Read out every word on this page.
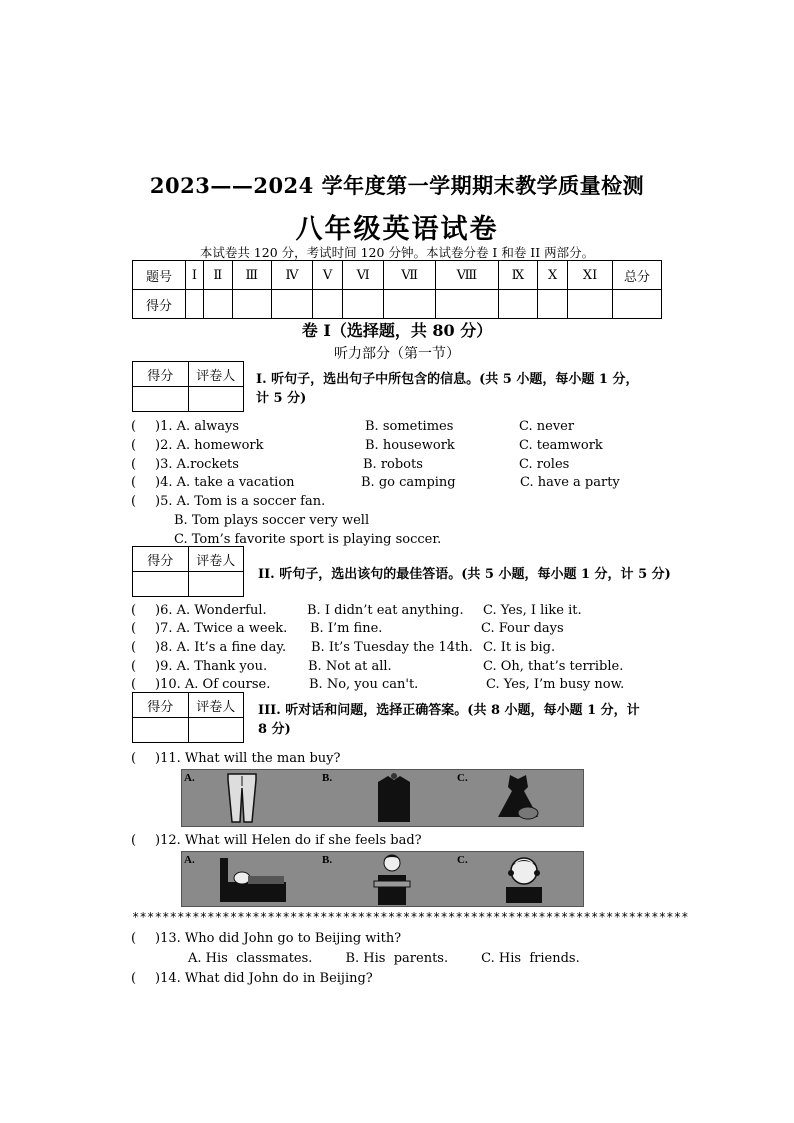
2023——2024 学年度第一学期期末教学质量检测
八年级英语试卷
本试卷共 120 分，考试时间 120 分钟。本试卷分卷 I 和卷 II 两部分。
题号	I	Ⅱ	Ⅲ	Ⅳ	Ⅴ	Ⅵ	Ⅶ	Ⅷ	Ⅸ	X	XI	总分
得分												
卷 I（选择题，共 80 分）
听力部分（第一节）
得分	评卷人
	I. 听句子，选出句子中所包含的信息。(共 5 小题，每小题 1 分，
计 5 分)
( )1. A. always	B. sometimes	C. never
( )2. A. homework	B. housework	C. teamwork
( )3. A.rockets	B. robots	C. roles
( )4. A. take a vacation	B. go camping	C. have a party
( )5. A. Tom is a soccer fan.
B. Tom plays soccer very well
C. Tom’s favorite sport is playing soccer.
得分	评卷人

II. 听句子，选出该句的最佳答语。(共 5 小题，每小题 1 分，计 5 分)
( )6. A. Wonderful.	B. I didn’t eat anything. C. Yes, I like it.
( )7. A. Twice a week. B. I’m fine.	C. Four days
( )8. A. It’s a fine day. B. It’s Tuesday the 14th. C. It is big.
( )9. A. Thank you.	B. Not at all.	C. Oh, that’s terrible.
( )10. A. Of course.	B. No, you can't.	C. Yes, I’m busy now.
得分	评卷人
	III. 听对话和问题，选择正确答案。(共 8 小题，每小题 1 分，计
8 分)
( )11. What will the man buy?
A.	B.	C.
( )12. What will Helen do if she feels bad?
A.	B.	C.
**************************************************************************
( )13. Who did John go to Beijing with?
A. His  classmates.        B. His  parents.        C. His  friends.
( )14. What did John do in Beijing?
